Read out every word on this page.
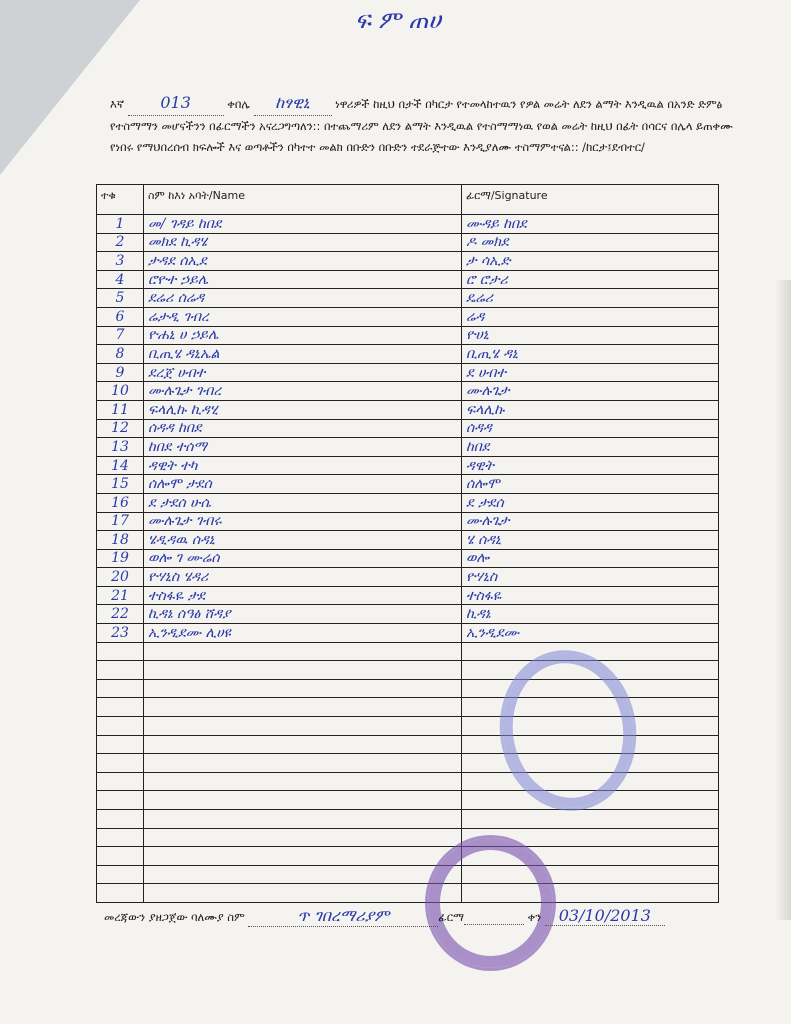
ፍ ም ጠሀ
እኛ 013	ቀበሌ ከፃዊኒ ነዋሪዎች ከዚህ በታች በካርታ የተመላከተዉን የዎል መሬት ለደን ልማት እንዲዉል በአንድ ድምፅ የተስማማን መሆናችንን በፊርማችን አናረጋግጣለን:: በተጨማሪም ለደን ልማት እንዲዉል የተስማማነዉ የወል መሬት ከዚህ በፊት በሳርና በሌላ ይጠቀሙ የነበሩ የማህበረሰብ ክፍሎች እና ወጣቶችን በካተተ መልክ በቡድን በቡድን ተደራጅተው እንዲያለሙ ተስማምተናል:: /ከርታ፤ደብተር/
ተቁ	ስም ከእነ አባት/Name	ፊርማ/Signature
1	መ/ ገዳይ ከበደ	ሙዳይ ከበደ
2	መክደ ኪዳሄ	ዶ መክደ
3	ታዳደ ሰኢደ	ታ ሳኢድ
4	ሮዮተ ኃይሌ	ሮ ሮታሪ
5	ደሬሪ ሰሬዳ	ዴሬሪ
6	ሬታዲ ገብረ	ሬዳ
7	ዮሐኒ ሀ ኃይሌ	ዮሀኒ
8	ቢጢሄ ዳኒኤል	ቢጢሄ ዳኒ
9	ደረጀ ሀብተ	ደ ሀብተ
10	ሙሉጌታ ገብረ	ሙሉጌታ
11	ፍላሊኩ ኪዳሂ	ፍላሊኩ
12	ሰዳዳ ከበደ	ሰዳዳ
13	ከበደ ተሰማ	ከበደ
14	ዳዊት ተካ	ዳዊት
15	ሰሎሞ ታደሰ	ሰሎሞ
16	ደ ታደሰ ሁሴ	ደ ታደሰ
17	ሙሉጌታ ገብሩ	ሙሉጌታ
18	ሄዲዳዉ ሰዳኒ	ሄ ሰዳኒ
19	ወሎ ገ ሙሬሰ	ወሎ
20	ዮሃኒስ ሄዳሪ	ዮሃኒስ
21	ተስፋዬ ታደ	ተስፋዬ
22	ኪዳኔ ሰዓፅ ሸዳያ	ኪዳኔ
23	ኢንዲደሙ ሊሀዩ	ኢንዲደሙ

መረጃውን ያዘጋጀው ባለሙያ ስም	ጥ ገበረማሪያም	ፊርማ	ቀን 03/10/2013
